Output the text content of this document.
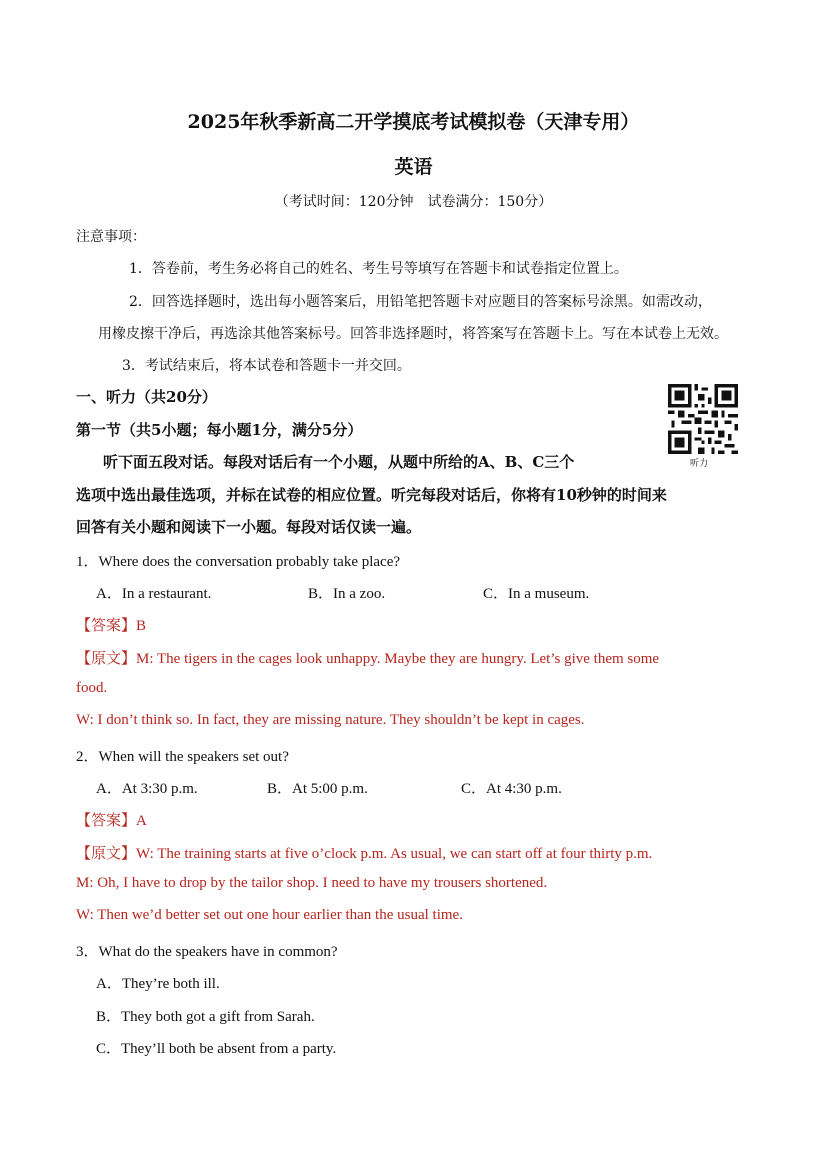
2025年秋季新高二开学摸底考试模拟卷（天津专用）
英语
（考试时间：120分钟　试卷满分：150分）
注意事项：
1．答卷前，考生务必将自己的姓名、考生号等填写在答题卡和试卷指定位置上。
2．回答选择题时，选出每小题答案后，用铅笔把答题卡对应题目的答案标号涂黑。如需改动，
用橡皮擦干净后，再选涂其他答案标号。回答非选择题时，将答案写在答题卡上。写在本试卷上无效。
3．考试结束后，将本试卷和答题卡一并交回。
一、听力（共20分）
第一节（共5小题；每小题1分，满分5分）
听下面五段对话。每段对话后有一个小题，从题中所给的A、B、C三个
选项中选出最佳选项，并标在试卷的相应位置。听完每段对话后，你将有10秒钟的时间来
回答有关小题和阅读下一小题。每段对话仅读一遍。
听力
1．Where does the conversation probably take place?
A．In a restaurant.	B．In a zoo.	C．In a museum.
【答案】B
【原文】M: The tigers in the cages look unhappy. Maybe they are hungry. Let’s give them some
food.
W: I don’t think so. In fact, they are missing nature. They shouldn’t be kept in cages.
2．When will the speakers set out?
A．At 3:30 p.m.	B．At 5:00 p.m.	C．At 4:30 p.m.
【答案】A
【原文】W: The training starts at five o’clock p.m. As usual, we can start off at four thirty p.m.
M: Oh, I have to drop by the tailor shop. I need to have my trousers shortened.
W: Then we’d better set out one hour earlier than the usual time.
3．What do the speakers have in common?
A．They’re both ill.
B．They both got a gift from Sarah.
C．They’ll both be absent from a party.
